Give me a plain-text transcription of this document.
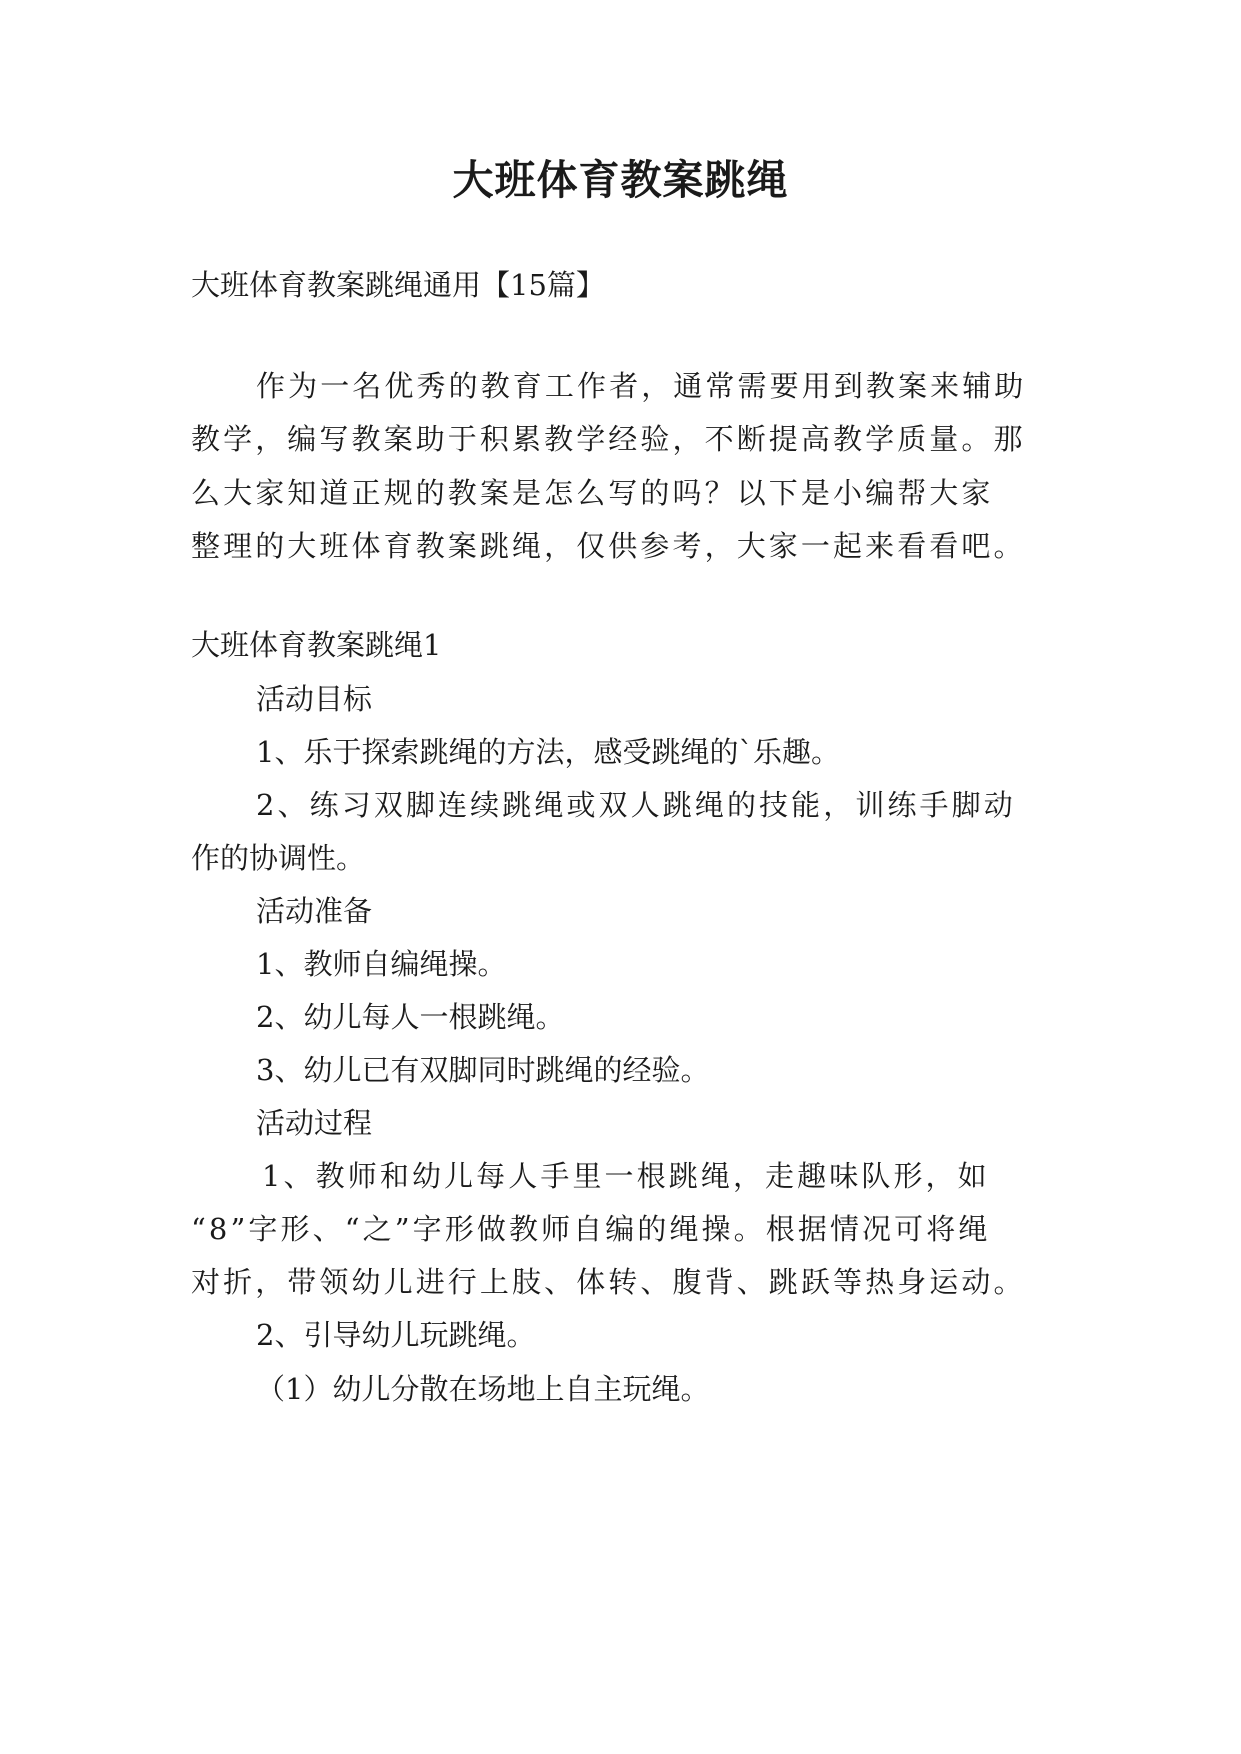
大班体育教案跳绳

大班体育教案跳绳通用【15篇】

作为一名优秀的教育工作者，通常需要用到教案来辅助

教学，编写教案助于积累教学经验，不断提高教学质量。那

么大家知道正规的教案是怎么写的吗？以下是小编帮大家

整理的大班体育教案跳绳，仅供参考，大家一起来看看吧。

大班体育教案跳绳1

活动目标

1、乐于探索跳绳的方法，感受跳绳的`乐趣。

2、练习双脚连续跳绳或双人跳绳的技能，训练手脚动

作的协调性。

活动准备

1、教师自编绳操。

2、幼儿每人一根跳绳。

3、幼儿已有双脚同时跳绳的经验。

活动过程

1、教师和幼儿每人手里一根跳绳，走趣味队形，如

“8”字形、“之”字形做教师自编的绳操。根据情况可将绳

对折，带领幼儿进行上肢、体转、腹背、跳跃等热身运动。

2、引导幼儿玩跳绳。

（1）幼儿分散在场地上自主玩绳。
